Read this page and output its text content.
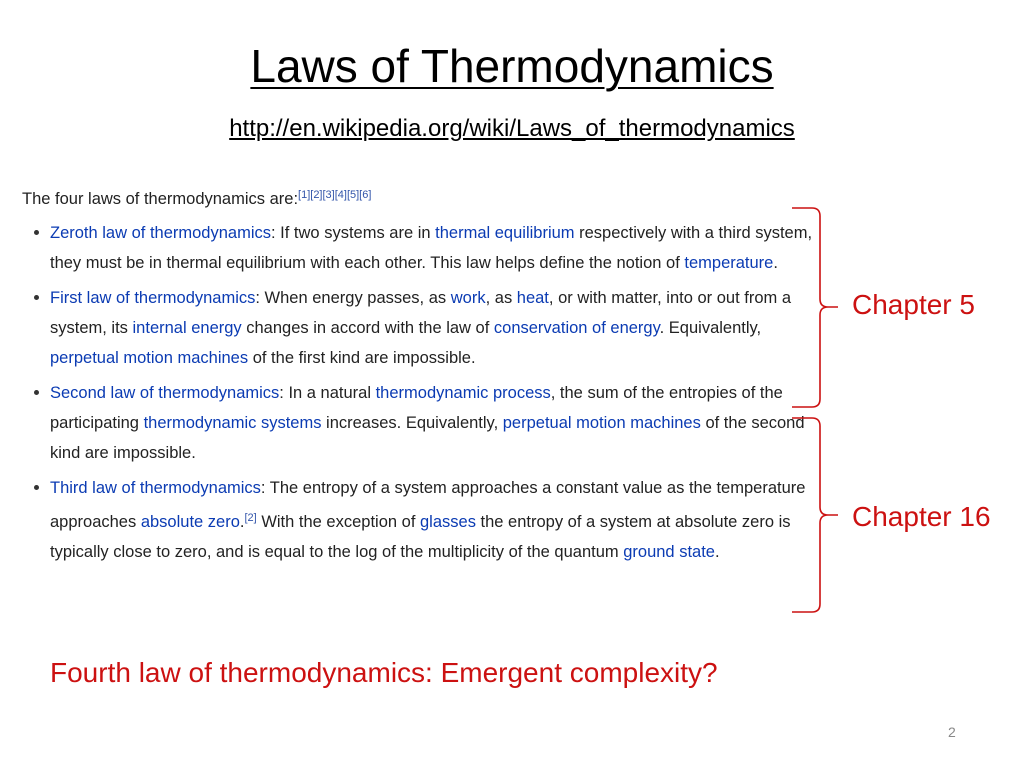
Laws of Thermodynamics
http://en.wikipedia.org/wiki/Laws_of_thermodynamics
The four laws of thermodynamics are:[1][2][3][4][5][6]
Zeroth law of thermodynamics: If two systems are in thermal equilibrium respectively with a third system, they must be in thermal equilibrium with each other. This law helps define the notion of temperature.
First law of thermodynamics: When energy passes, as work, as heat, or with matter, into or out from a system, its internal energy changes in accord with the law of conservation of energy. Equivalently, perpetual motion machines of the first kind are impossible.
Second law of thermodynamics: In a natural thermodynamic process, the sum of the entropies of the participating thermodynamic systems increases. Equivalently, perpetual motion machines of the second kind are impossible.
Third law of thermodynamics: The entropy of a system approaches a constant value as the temperature approaches absolute zero.[2] With the exception of glasses the entropy of a system at absolute zero is typically close to zero, and is equal to the log of the multiplicity of the quantum ground state.
Chapter 5
Chapter 16
Fourth law of thermodynamics: Emergent complexity?
2
